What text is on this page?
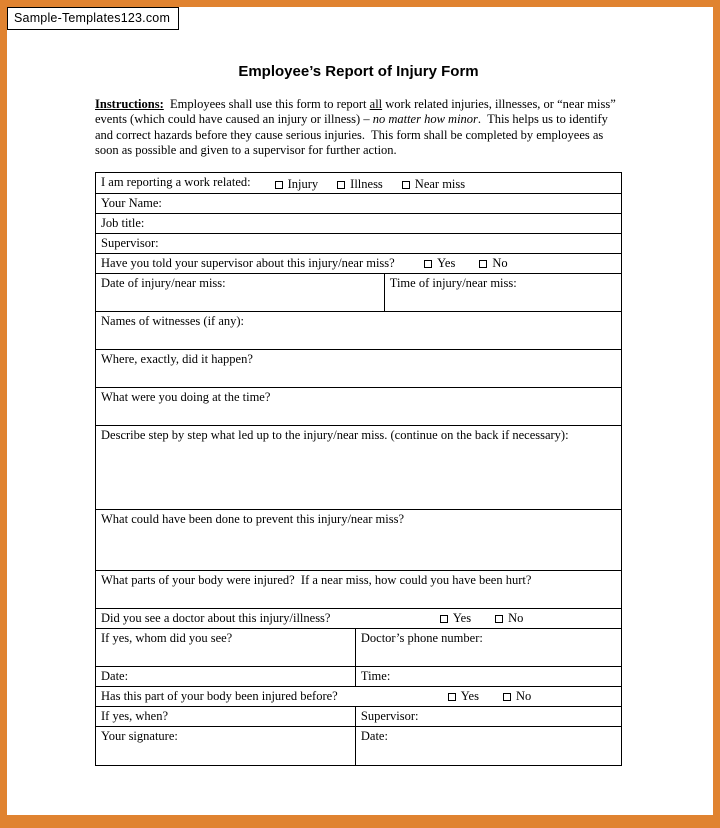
Sample-Templates123.com
Employee’s Report of Injury Form
Instructions:  Employees shall use this form to report all work related injuries, illnesses, or “near miss” events (which could have caused an injury or illness) – no matter how minor.  This helps us to identify and correct hazards before they cause serious injuries.  This form shall be completed by employees as soon as possible and given to a supervisor for further action.
I am reporting a work related:	Injury	Illness	Near miss
Your Name:
Job title:
Supervisor:
Have you told your supervisor about this injury/near miss?	Yes	No
Date of injury/near miss:	Time of injury/near miss:
Names of witnesses (if any):
Where, exactly, did it happen?
What were you doing at the time?
Describe step by step what led up to the injury/near miss. (continue on the back if necessary):
What could have been done to prevent this injury/near miss?
What parts of your body were injured?  If a near miss, how could you have been hurt?
Did you see a doctor about this injury/illness?	Yes	No
If yes, whom did you see?	Doctor’s phone number:
Date:	Time:
Has this part of your body been injured before?	Yes	No
If yes, when?	Supervisor:
Your signature:	Date:
